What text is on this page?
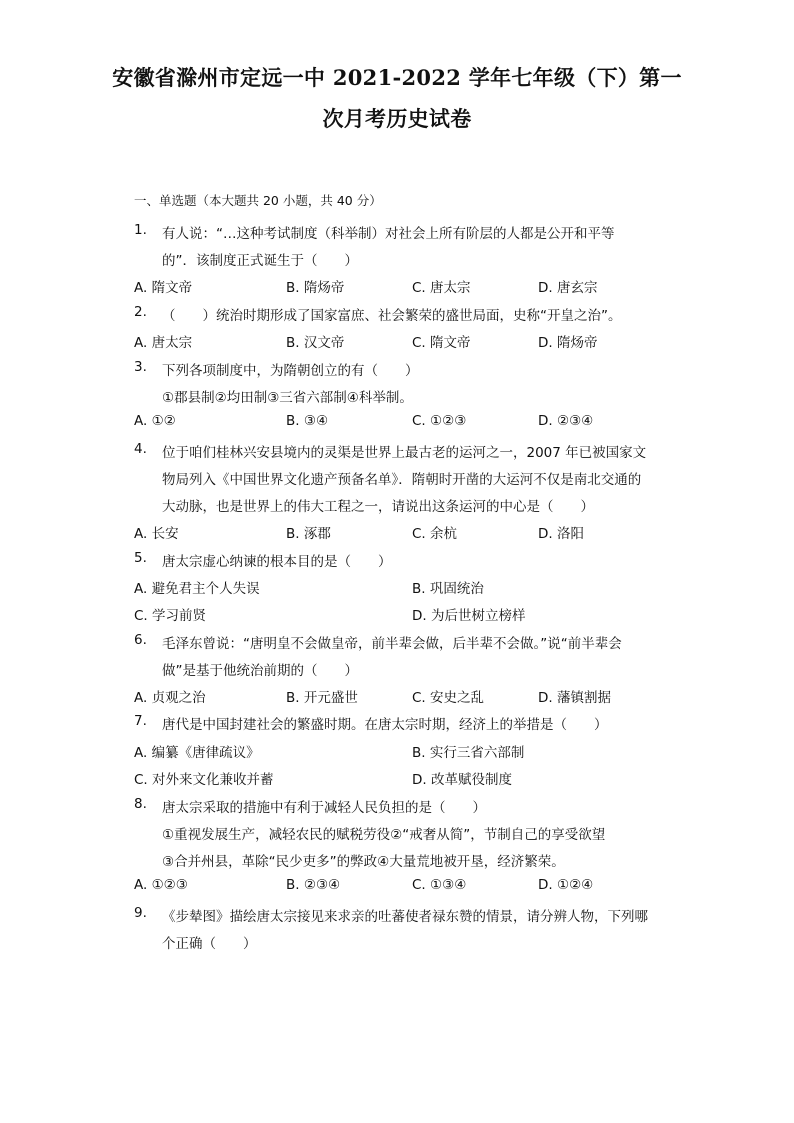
安徽省滁州市定远一中 2021-2022 学年七年级（下）第一
次月考历史试卷
一、单选题（本大题共 20 小题，共 40 分）
1. 有人说：“…这种考试制度（科举制）对社会上所有阶层的人都是公开和平等
的”．该制度正式诞生于（　　）
A. 隋文帝	B. 隋炀帝	C. 唐太宗	D. 唐玄宗
2. （　　）统治时期形成了国家富庶、社会繁荣的盛世局面，史称“开皇之治”。
A. 唐太宗	B. 汉文帝	C. 隋文帝	D. 隋炀帝
3. 下列各项制度中，为隋朝创立的有（　　）
①郡县制②均田制③三省六部制④科举制。
A. ①②	B. ③④	C. ①②③	D. ②③④
4. 位于咱们桂林兴安县境内的灵渠是世界上最古老的运河之一，2007 年已被国家文
物局列入《中国世界文化遗产预备名单》．隋朝时开凿的大运河不仅是南北交通的
大动脉，也是世界上的伟大工程之一，请说出这条运河的中心是（　　）
A. 长安	B. 涿郡	C. 余杭	D. 洛阳
5. 唐太宗虚心纳谏的根本目的是（　　）
A. 避免君主个人失误	B. 巩固统治
C. 学习前贤	D. 为后世树立榜样
6. 毛泽东曾说：“唐明皇不会做皇帝，前半辈会做，后半辈不会做。”说“前半辈会
做”是基于他统治前期的（　　）
A. 贞观之治	B. 开元盛世	C. 安史之乱	D. 藩镇割据
7. 唐代是中国封建社会的繁盛时期。在唐太宗时期，经济上的举措是（　　）
A. 编纂《唐律疏议》	B. 实行三省六部制
C. 对外来文化兼收并蓄	D. 改革赋役制度
8. 唐太宗采取的措施中有利于减轻人民负担的是（　　）
①重视发展生产，减轻农民的赋税劳役②“戒奢从简”，节制自己的享受欲望
③合并州县，革除“民少吏多”的弊政④大量荒地被开垦，经济繁荣。
A. ①②③	B. ②③④	C. ①③④	D. ①②④
9. 《步辇图》描绘唐太宗接见来求亲的吐蕃使者禄东赞的情景，请分辨人物，下列哪
个正确（　　）
